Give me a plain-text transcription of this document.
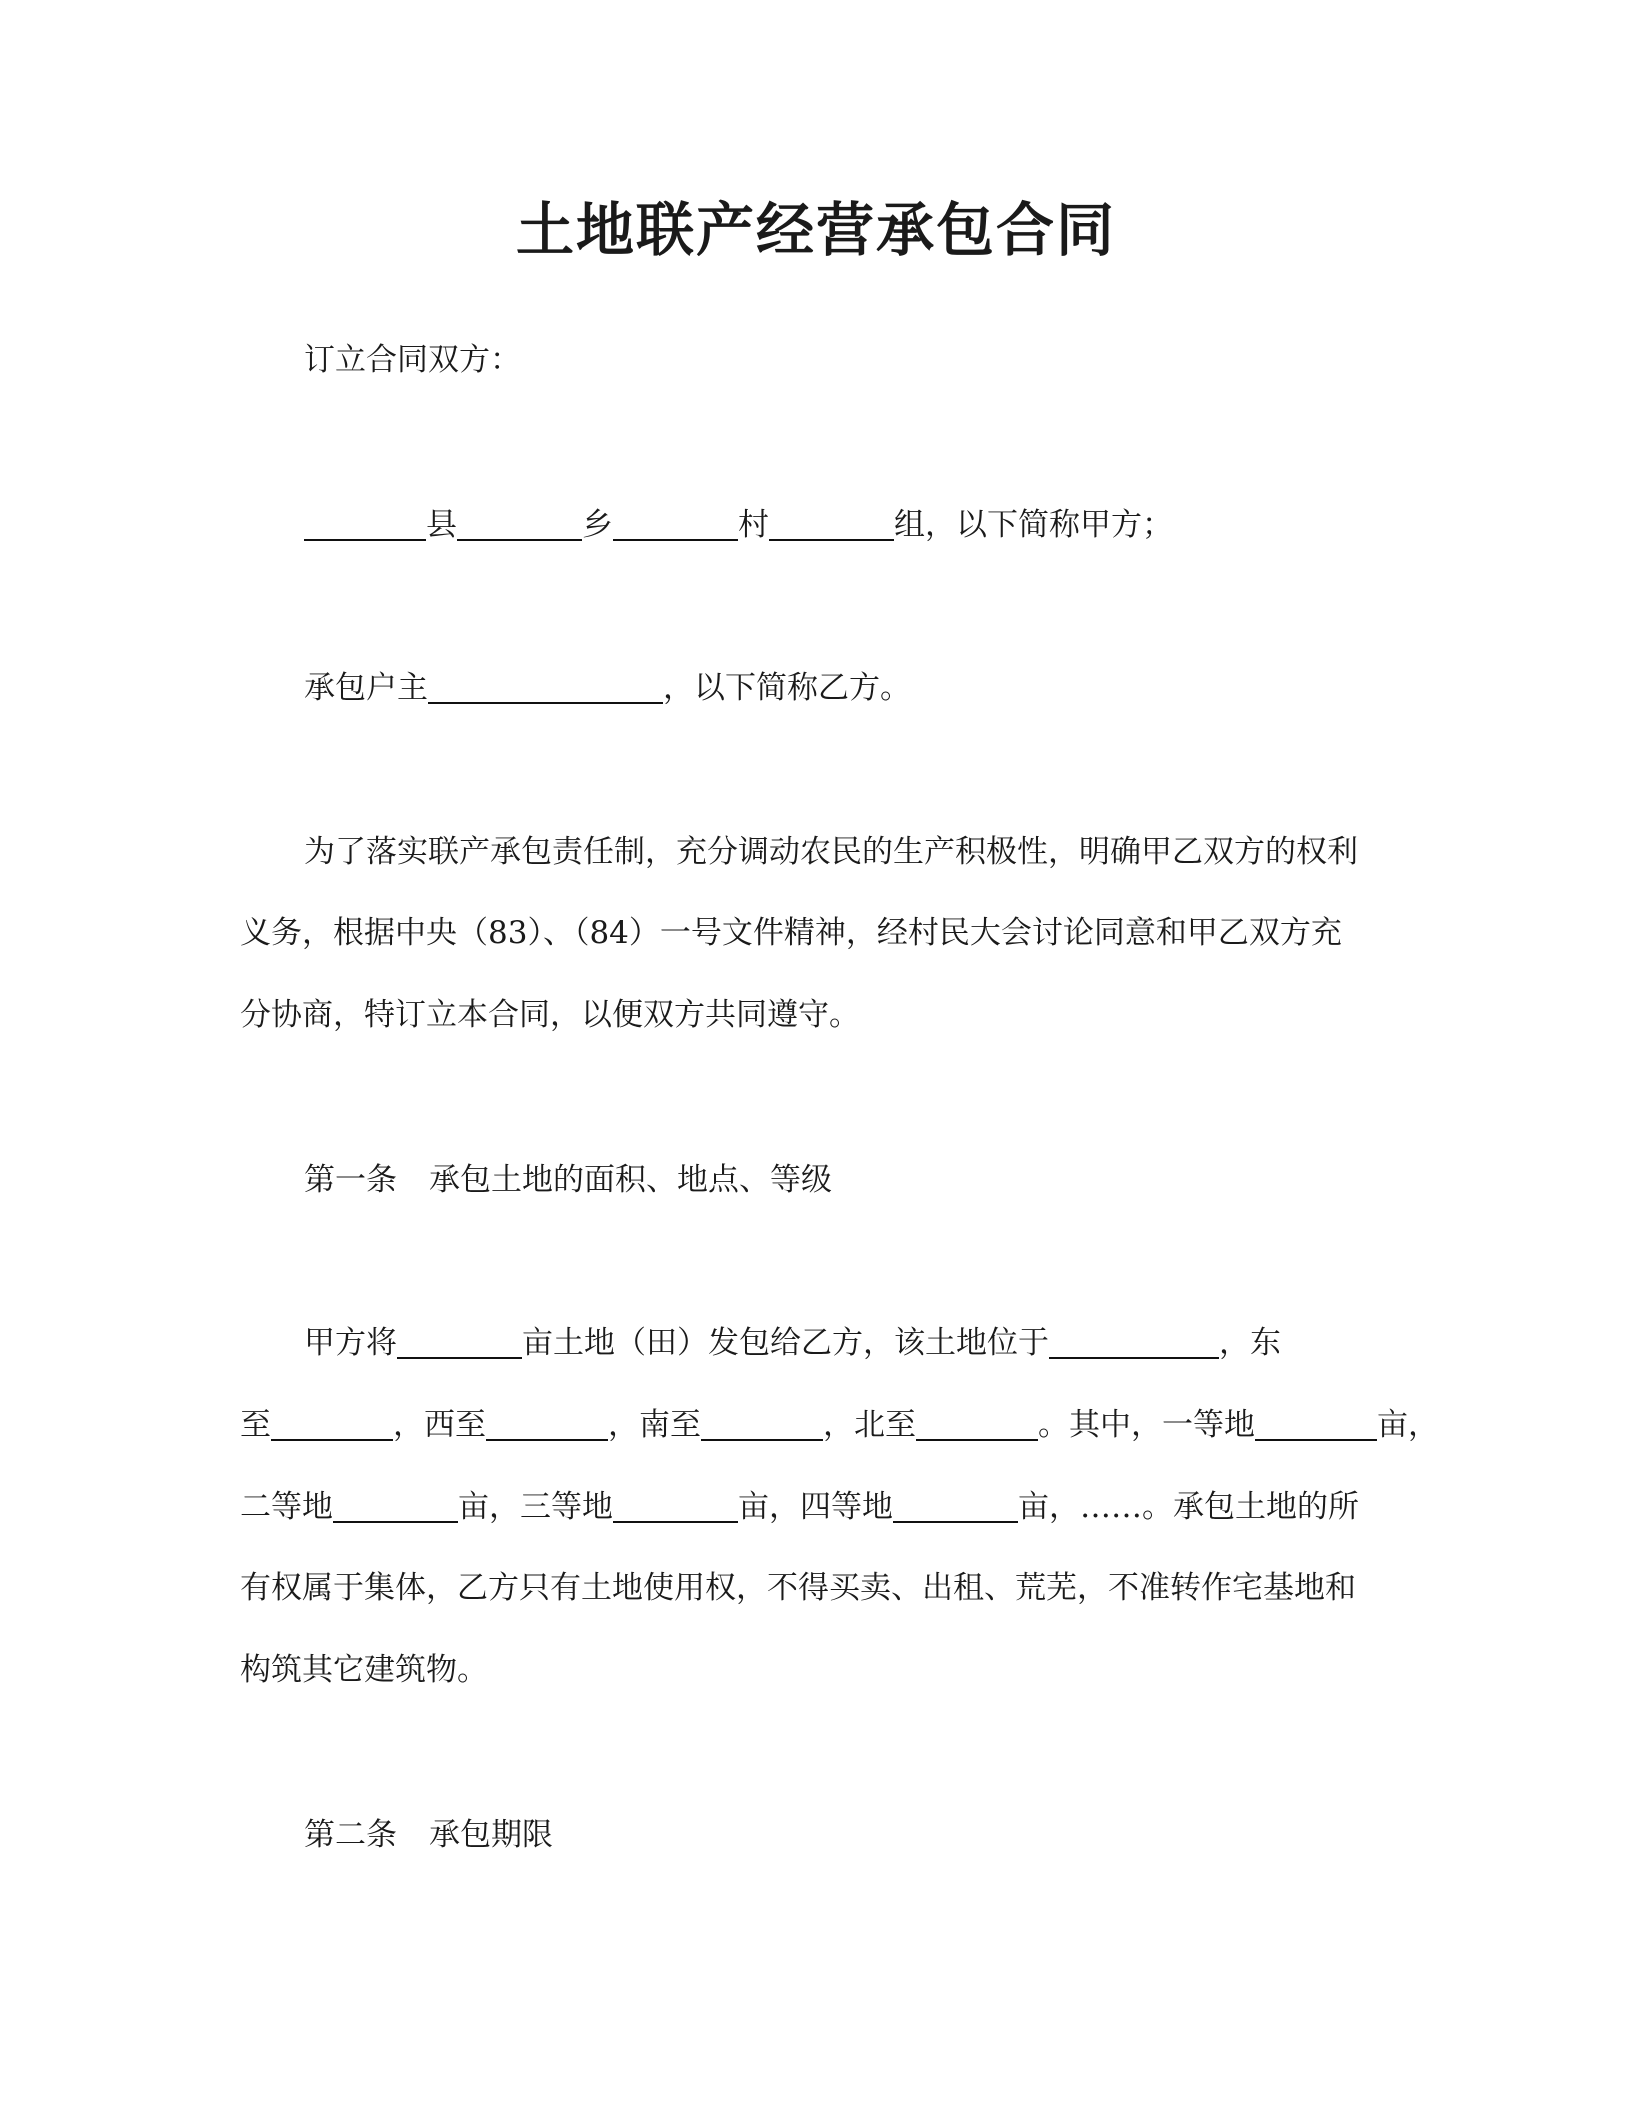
土地联产经营承包合同
订立合同双方：
县	乡	村	组，以下简称甲方；
承包户主	，以下简称乙方。
为了落实联产承包责任制，充分调动农民的生产积极性，明确甲乙双方的权利
义务，根据中央（83）、（84）一号文件精神，经村民大会讨论同意和甲乙双方充
分协商，特订立本合同，以便双方共同遵守。
第一条 承包土地的面积、地点、等级
甲方将	亩土地（田）发包给乙方，该土地位于	，东
至	，西至	，南至	，北至	。其中，一等地	亩，
二等地	亩，三等地	亩，四等地	亩，……。承包土地的所
有权属于集体，乙方只有土地使用权，不得买卖、出租、荒芜，不准转作宅基地和
构筑其它建筑物。
第二条 承包期限
